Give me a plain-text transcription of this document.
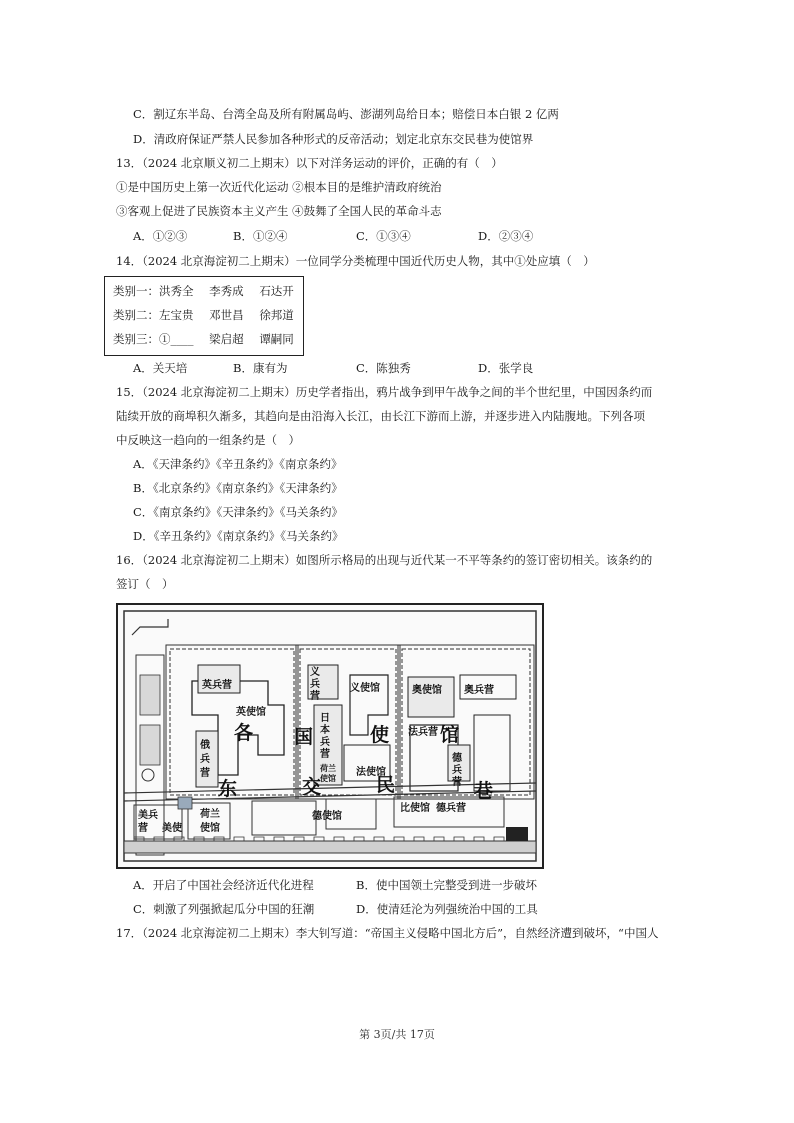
C．割辽东半岛、台湾全岛及所有附属岛屿、澎湖列岛给日本；赔偿日本白银 2 亿两
D．清政府保证严禁人民参加各种形式的反帝活动；划定北京东交民巷为使馆界
13．（2024 北京顺义初二上期末）以下对洋务运动的评价，正确的有（　）
①是中国历史上第一次近代化运动 ②根本目的是维护清政府统治
③客观上促进了民族资本主义产生 ④鼓舞了全国人民的革命斗志
A．①②③	B．①②④	C．①③④	D．②③④
14．（2024 北京海淀初二上期末）一位同学分类梳理中国近代历史人物，其中①处应填（　）
类别一：洪秀全 李秀成 石达开
类别二：左宝贵 邓世昌 徐邦道
类别三：①____ 梁启超 谭嗣同
A．关天培	B．康有为	C．陈独秀	D．张学良
15．（2024 北京海淀初二上期末）历史学者指出，鸦片战争到甲午战争之间的半个世纪里，中国因条约而
陆续开放的商埠积久渐多，其趋向是由沿海入长江，由长江下游而上游，并逐步进入内陆腹地。下列各项
中反映这一趋向的一组条约是（　）
A．《天津条约》《辛丑条约》《南京条约》
B．《北京条约》《南京条约》《天津条约》
C．《南京条约》《天津条约》《马关条约》
D．《辛丑条约》《南京条约》《马关条约》
16．（2024 北京海淀初二上期末）如图所示格局的出现与近代某一不平等条约的签订密切相关。该条约的
签订（　）
英兵营
英使馆
各
俄
兵
营
义
兵
营
义使馆
国
日
本
兵
营
荷兰
使馆
使
法使馆
奥使馆 奥兵营
法兵营 馆
德
兵
营
东	交	民	巷
美兵
营 美使
荷兰
使馆
德使馆
比使馆 德兵营
A．开启了中国社会经济近代化进程	B．使中国领土完整受到进一步破坏
C．刺激了列强掀起瓜分中国的狂潮	D．使清廷沦为列强统治中国的工具
17．（2024 北京海淀初二上期末）李大钊写道：“帝国主义侵略中国北方后”，自然经济遭到破坏，“中国人
第 3页/共 17页
